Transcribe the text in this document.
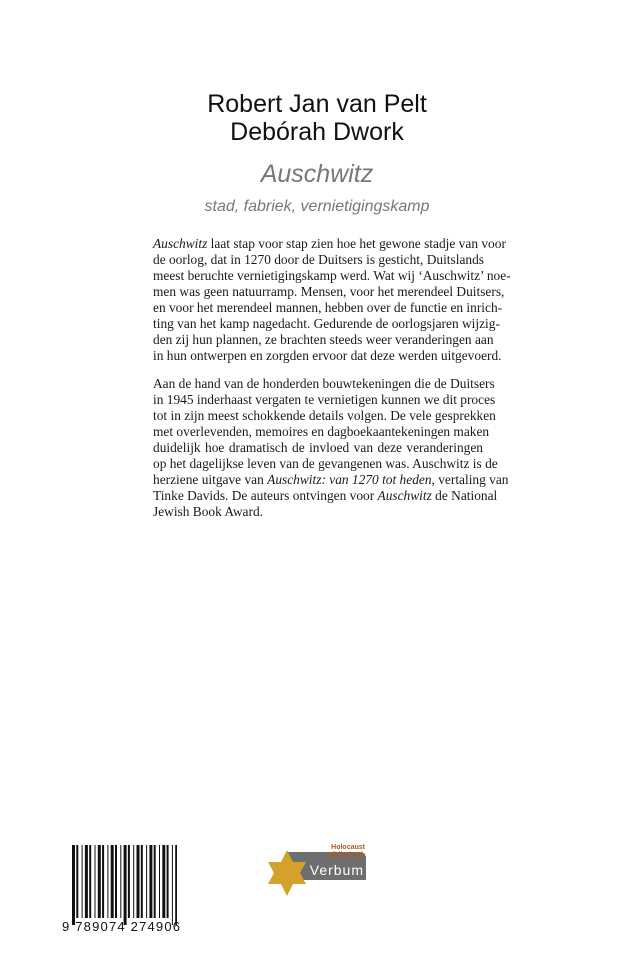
Robert Jan van Pelt
Debórah Dwork
Auschwitz
stad, fabriek, vernietigingskamp
Auschwitz laat stap voor stap zien hoe het gewone stadje van voor
de oorlog, dat in 1270 door de Duitsers is gesticht, Duitslands
meest beruchte vernietigingskamp werd. Wat wij ‘Auschwitz’ noe-
men was geen natuurramp. Mensen, voor het merendeel Duitsers,
en voor het merendeel mannen, hebben over de functie en inrich-
ting van het kamp nagedacht. Gedurende de oorlogsjaren wijzig-
den zij hun plannen, ze brachten steeds weer veranderingen aan
in hun ontwerpen en zorgden ervoor dat deze werden uitgevoerd.
Aan de hand van de honderden bouwtekeningen die de Duitsers
in 1945 inderhaast vergaten te vernietigen kunnen we dit proces
tot in zijn meest schokkende details volgen. De vele gesprekken
met overlevenden, memoires en dagboekaantekeningen maken
duidelijk hoe dramatisch de invloed van deze veranderingen
op het dagelijkse leven van de gevangenen was. Auschwitz is de
herziene uitgave van Auschwitz: van 1270 tot heden, vertaling van
Tinke Davids. De auteurs ontvingen voor Auschwitz de National
Jewish Book Award.
9 789074 274906
Holocaust
Bibliotheek
Verbum
